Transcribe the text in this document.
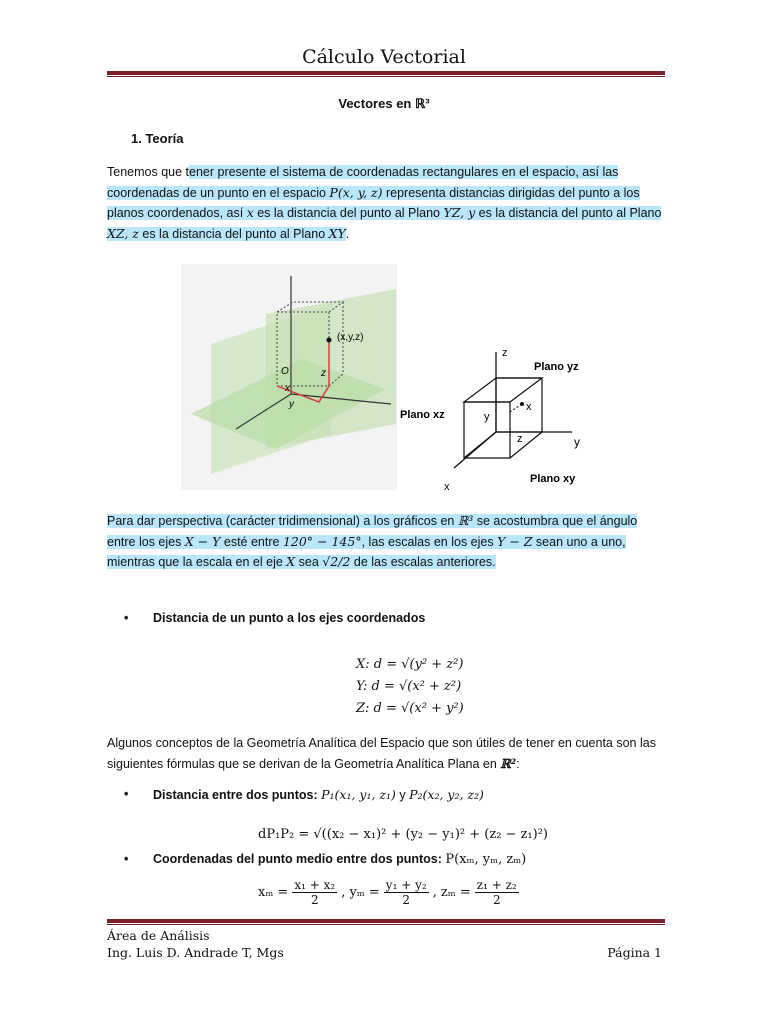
Cálculo Vectorial
Vectores en ℝ³
1. Teoría
Tenemos que tener presente el sistema de coordenadas rectangulares en el espacio, así las
coordenadas de un punto en el espacio P(x, y, z) representa distancias dirigidas del punto a los
planos coordenados, así x es la distancia del punto al Plano YZ, y es la distancia del punto al Plano
XZ, z es la distancia del punto al Plano XY.
(x,y,z)
O	z
x
y
z
y
x
Plano yz
Plano xz
Plano xy
y
x
z
Para dar perspectiva (carácter tridimensional) a los gráficos en ℝ³ se acostumbra que el ángulo
entre los ejes X − Y esté entre 120° − 145°, las escalas en los ejes Y − Z sean uno a uno,
mientras que la escala en el eje X sea √2/2 de las escalas anteriores.
• Distancia de un punto a los ejes coordenados
X: d = √(y² + z²)
Y: d = √(x² + z²)
Z: d = √(x² + y²)
Algunos conceptos de la Geometría Analítica del Espacio que son útiles de tener en cuenta son las
siguientes fórmulas que se derivan de la Geometría Analítica Plana en ℝ²:
• Distancia entre dos puntos: P₁(x₁, y₁, z₁) y P₂(x₂, y₂, z₂)
dP₁P₂ = √((x₂ − x₁)² + (y₂ − y₁)² + (z₂ − z₁)²)
• Coordenadas del punto medio entre dos puntos: P(xₘ, yₘ, zₘ)
$x_m = \frac{\text{x₁ + x₂}}{2}$ , $y_m = \frac{\text{y₁ + y₂}}{2}$ , $z_m = \frac{\text{z₁ + z₂}}{2}$
Área de Análisis
Ing. Luis D. Andrade T, Mgs	Página 1
